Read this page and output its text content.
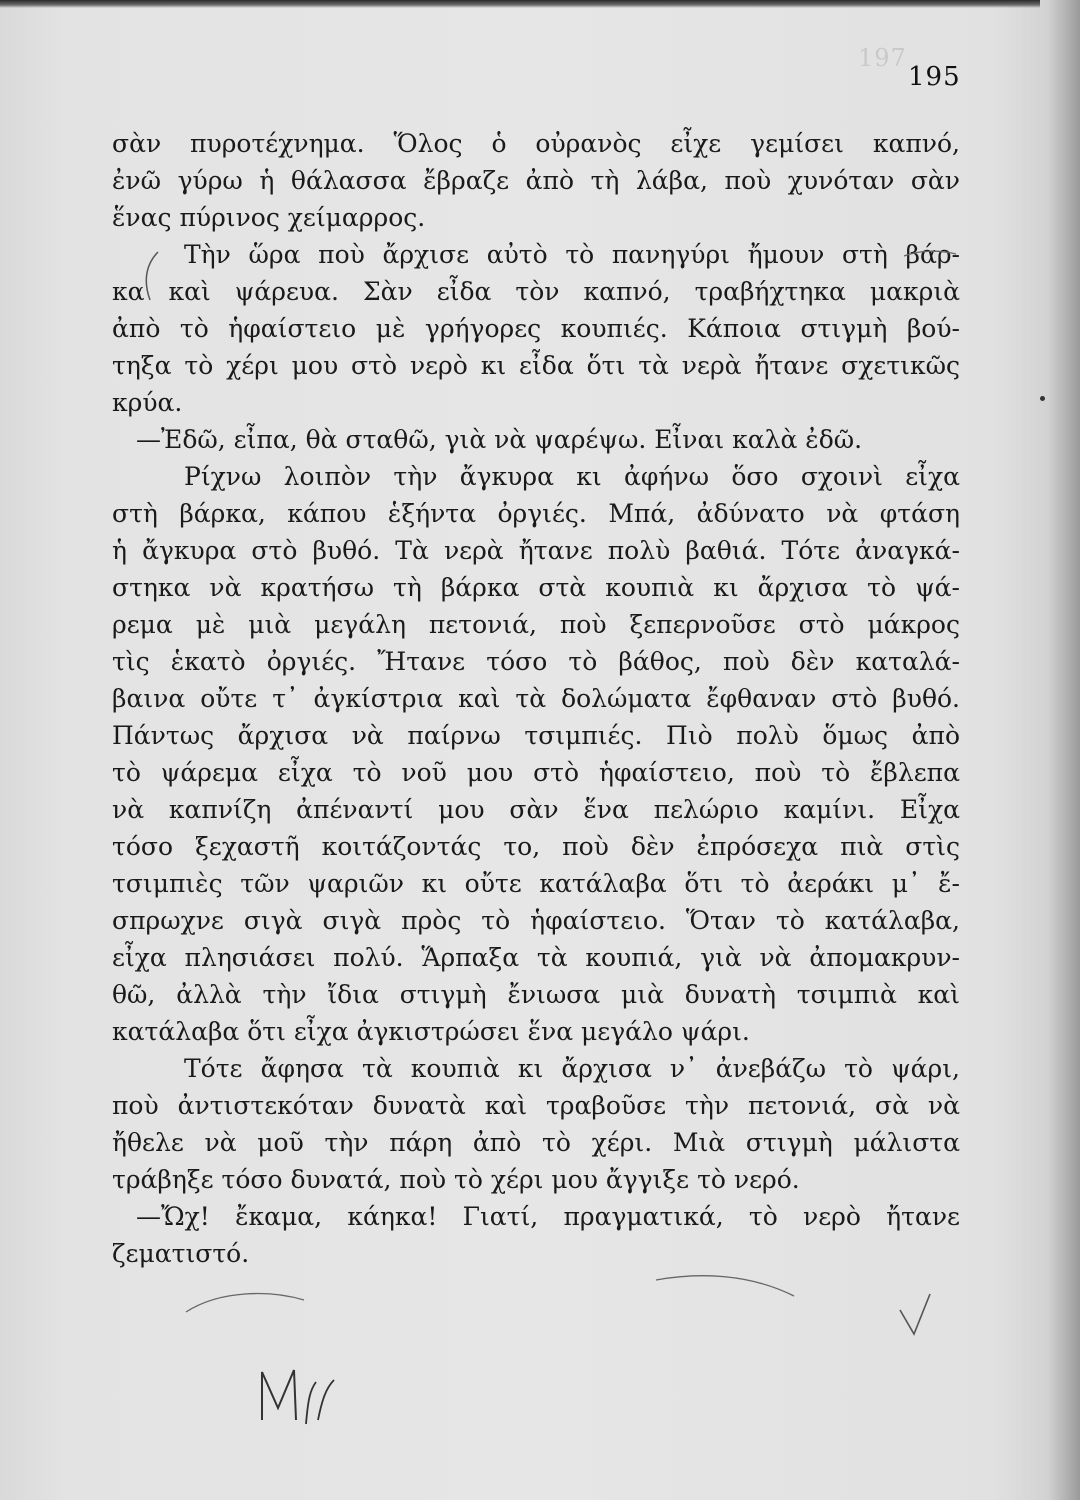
197
195
σὰν πυροτέχνημα. Ὅλος ὁ οὐρανὸς εἶχε γεμίσει καπνό,
ἐνῶ γύρω ἡ θάλασσα ἔβραζε ἀπὸ τὴ λάβα, ποὺ χυνόταν σὰν
ἕνας πύρινος χείμαρρος.
Τὴν ὥρα ποὺ ἄρχισε αὐτὸ τὸ πανηγύρι ἤμουν στὴ βάρ-
κα καὶ ψάρευα. Σὰν εἶδα τὸν καπνό, τραβήχτηκα μακριὰ
ἀπὸ τὸ ἡφαίστειο μὲ γρήγορες κουπιές. Κάποια στιγμὴ βού-
τηξα τὸ χέρι μου στὸ νερὸ κι εἶδα ὅτι τὰ νερὰ ἤτανε σχετικῶς
κρύα.
—Ἐδῶ, εἶπα, θὰ σταθῶ, γιὰ νὰ ψαρέψω. Εἶναι καλὰ ἐδῶ.
Ρίχνω λοιπὸν τὴν ἄγκυρα κι ἀφήνω ὅσο σχοινὶ εἶχα
στὴ βάρκα, κάπου ἑξήντα ὀργιές. Μπά, ἀδύνατο νὰ φτάση
ἡ ἄγκυρα στὸ βυθό. Τὰ νερὰ ἤτανε πολὺ βαθιά. Τότε ἀναγκά-
στηκα νὰ κρατήσω τὴ βάρκα στὰ κουπιὰ κι ἄρχισα τὸ ψά-
ρεμα μὲ μιὰ μεγάλη πετονιά, ποὺ ξεπερνοῦσε στὸ μάκρος
τὶς ἑκατὸ ὀργιές. Ἤτανε τόσο τὸ βάθος, ποὺ δὲν καταλά-
βαινα οὔτε τ᾿ ἀγκίστρια καὶ τὰ δολώματα ἔφθαναν στὸ βυθό.
Πάντως ἄρχισα νὰ παίρνω τσιμπιές. Πιὸ πολὺ ὅμως ἀπὸ
τὸ ψάρεμα εἶχα τὸ νοῦ μου στὸ ἡφαίστειο, ποὺ τὸ ἔβλεπα
νὰ καπνίζη ἀπέναντί μου σὰν ἕνα πελώριο καμίνι. Εἶχα
τόσο ξεχαστῆ κοιτάζοντάς το, ποὺ δὲν ἐπρόσεχα πιὰ στὶς
τσιμπιὲς τῶν ψαριῶν κι οὔτε κατάλαβα ὅτι τὸ ἀεράκι μ᾿ ἔ-
σπρωχνε σιγὰ σιγὰ πρὸς τὸ ἡφαίστειο. Ὅταν τὸ κατάλαβα,
εἶχα πλησιάσει πολύ. Ἅρπαξα τὰ κουπιά, γιὰ νὰ ἀπομακρυν-
θῶ, ἀλλὰ τὴν ἴδια στιγμὴ ἔνιωσα μιὰ δυνατὴ τσιμπιὰ καὶ
κατάλαβα ὅτι εἶχα ἀγκιστρώσει ἕνα μεγάλο ψάρι.
Τότε ἄφησα τὰ κουπιὰ κι ἄρχισα ν᾿ ἀνεβάζω τὸ ψάρι,
ποὺ ἀντιστεκόταν δυνατὰ καὶ τραβοῦσε τὴν πετονιά, σὰ νὰ
ἤθελε νὰ μοῦ τὴν πάρη ἀπὸ τὸ χέρι. Μιὰ στιγμὴ μάλιστα
τράβηξε τόσο δυνατά, ποὺ τὸ χέρι μου ἄγγιξε τὸ νερό.
—Ὤχ! ἔκαμα, κάηκα! Γιατί, πραγματικά, τὸ νερὸ ἤτανε
ζεματιστό.
